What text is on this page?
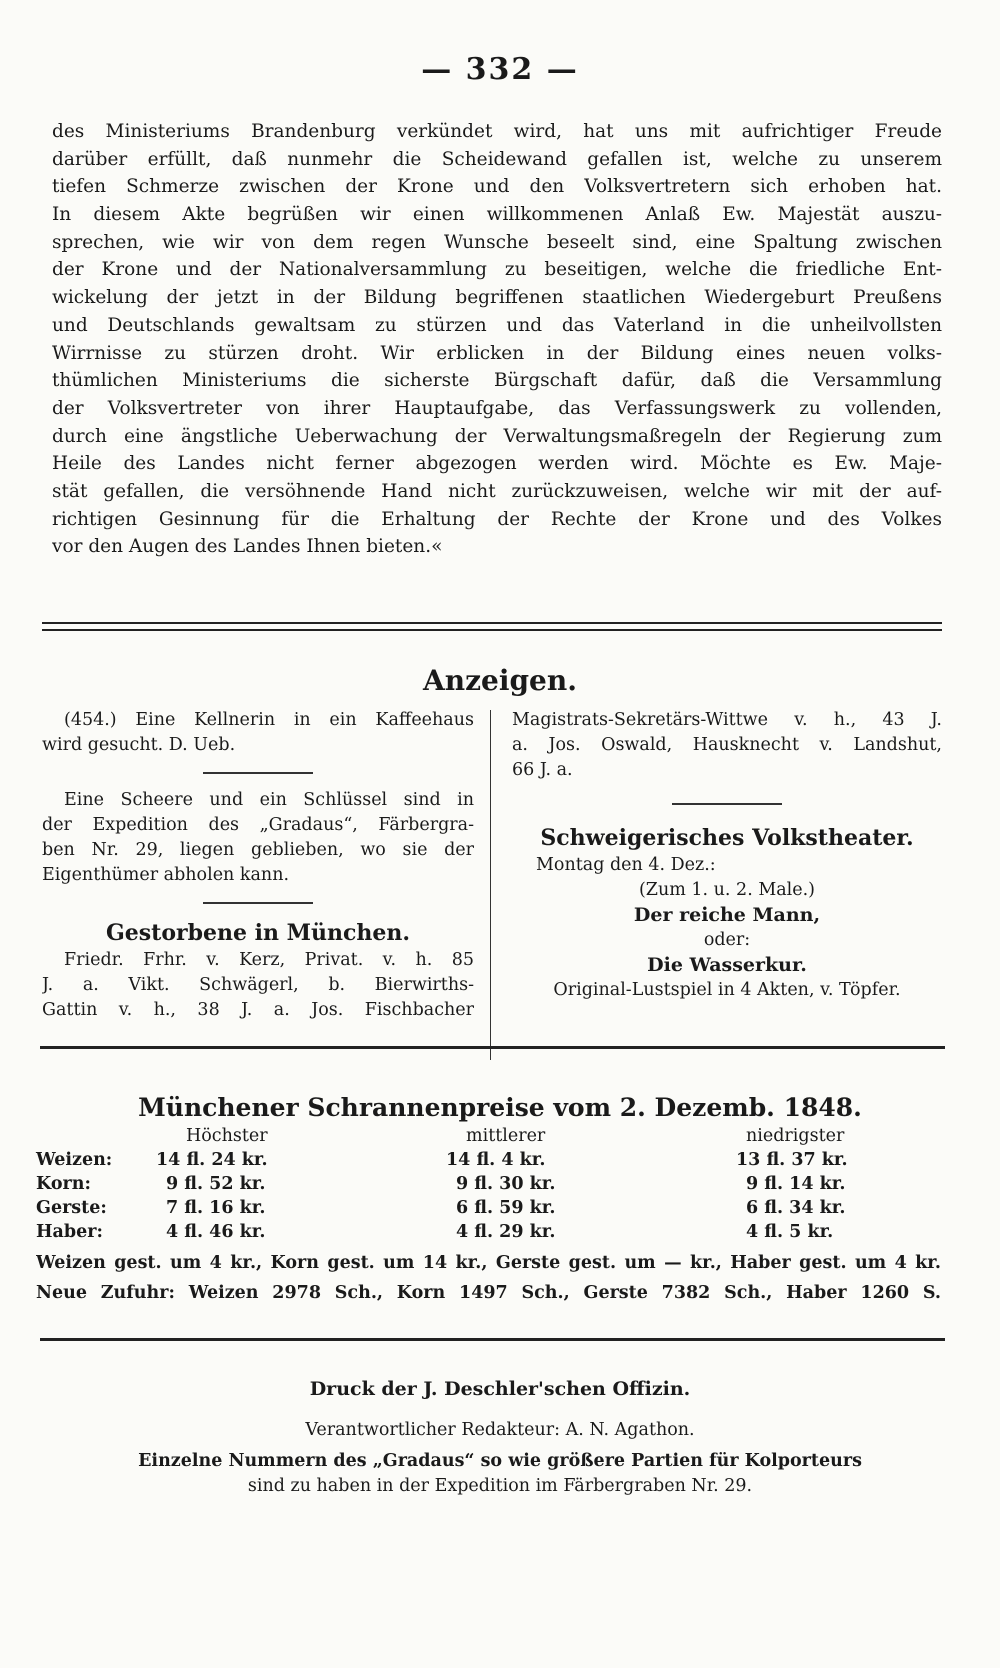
— 332 —
des Ministeriums Brandenburg verkündet wird, hat uns mit aufrichtiger Freude
darüber erfüllt, daß nunmehr die Scheidewand gefallen ist, welche zu unserem
tiefen Schmerze zwischen der Krone und den Volksvertretern sich erhoben hat.
In diesem Akte begrüßen wir einen willkommenen Anlaß Ew. Majestät auszu-
sprechen, wie wir von dem regen Wunsche beseelt sind, eine Spaltung zwischen
der Krone und der Nationalversammlung zu beseitigen, welche die friedliche Ent-
wickelung der jetzt in der Bildung begriffenen staatlichen Wiedergeburt Preußens
und Deutschlands gewaltsam zu stürzen und das Vaterland in die unheilvollsten
Wirrnisse zu stürzen droht. Wir erblicken in der Bildung eines neuen volks-
thümlichen Ministeriums die sicherste Bürgschaft dafür, daß die Versammlung
der Volksvertreter von ihrer Hauptaufgabe, das Verfassungswerk zu vollenden,
durch eine ängstliche Ueberwachung der Verwaltungsmaßregeln der Regierung zum
Heile des Landes nicht ferner abgezogen werden wird. Möchte es Ew. Maje-
stät gefallen, die versöhnende Hand nicht zurückzuweisen, welche wir mit der auf-
richtigen Gesinnung für die Erhaltung der Rechte der Krone und des Volkes
vor den Augen des Landes Ihnen bieten.«
Anzeigen.
(454.) Eine Kellnerin in ein Kaffeehaus
wird gesucht. D. Ueb.
Eine Scheere und ein Schlüssel sind in
der Expedition des „Gradaus“, Färbergra-
ben Nr. 29, liegen geblieben, wo sie der
Eigenthümer abholen kann.
Gestorbene in München.
Friedr. Frhr. v. Kerz, Privat. v. h. 85
J. a. Vikt. Schwägerl, b. Bierwirths-
Gattin v. h., 38 J. a. Jos. Fischbacher
Magistrats-Sekretärs-Wittwe v. h., 43 J.
a. Jos. Oswald, Hausknecht v. Landshut,
66 J. a.
Schweigerisches Volkstheater.
Montag den 4. Dez.:
(Zum 1. u. 2. Male.)
Der reiche Mann,
oder:
Die Wasserkur.
Original-Lustspiel in 4 Akten, v. Töpfer.
Münchener Schrannenpreise vom 2. Dezemb. 1848.
	Höchster	mittlerer	niedrigster
Weizen:	14 fl. 24 kr.	14 fl. 4 kr.	13 fl. 37 kr.
Korn:	9 fl. 52 kr.	9 fl. 30 kr.	9 fl. 14 kr.
Gerste:	7 fl. 16 kr.	6 fl. 59 kr.	6 fl. 34 kr.
Haber:	4 fl. 46 kr.	4 fl. 29 kr.	4 fl. 5 kr.
Weizen gest. um 4 kr., Korn gest. um 14 kr., Gerste gest. um — kr., Haber gest. um 4 kr.
Neue Zufuhr: Weizen 2978 Sch., Korn 1497 Sch., Gerste 7382 Sch., Haber 1260 S.
Druck der J. Deschler'schen Offizin.
Verantwortlicher Redakteur: A. N. Agathon.
Einzelne Nummern des „Gradaus“ so wie größere Partien für Kolporteurs
sind zu haben in der Expedition im Färbergraben Nr. 29.
